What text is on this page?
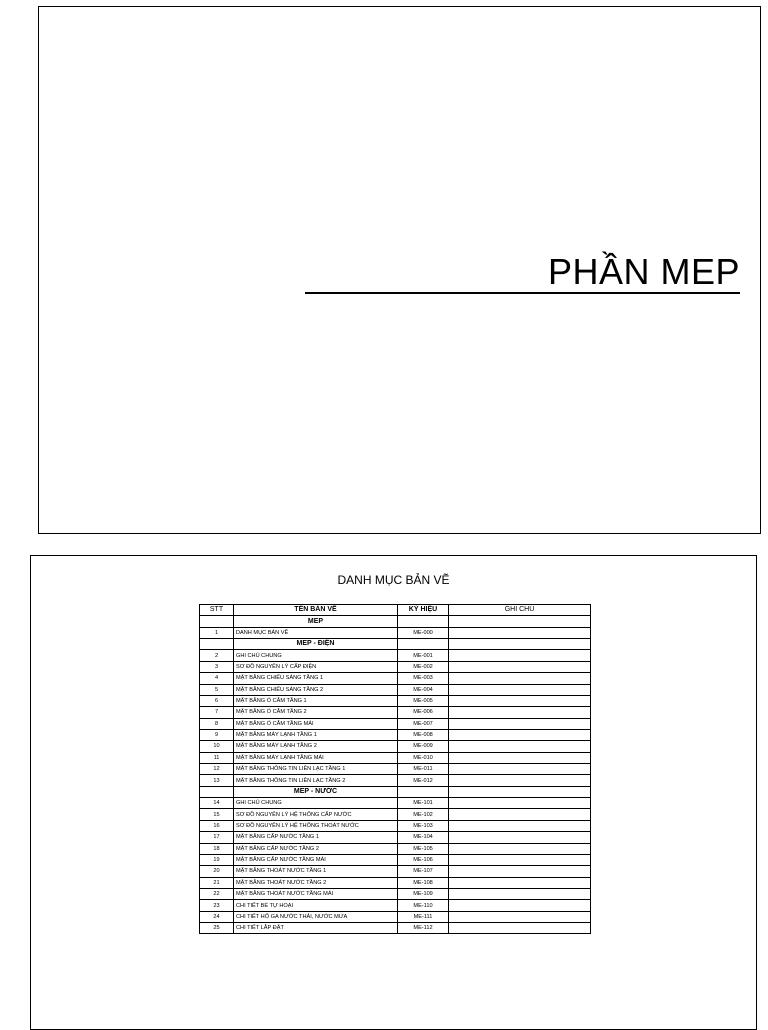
PHẦN MEP
DANH MỤC BẢN VẼ
STT	TÊN BẢN VẼ	KÝ HIỆU	GHI CHÚ
	MEP		
1	DANH MỤC BẢN VẼ	ME-000	
	MEP - ĐIỆN		
2	GHI CHÚ CHUNG	ME-001	
3	SƠ ĐỒ NGUYÊN LÝ CẤP ĐIỆN	ME-002	
4	MẶT BẰNG CHIẾU SÁNG TẦNG 1	ME-003	
5	MẶT BẰNG CHIẾU SÁNG TẦNG 2	ME-004	
6	MẶT BẰNG Ổ CẮM TẦNG 1	ME-005	
7	MẶT BẰNG Ổ CẮM TẦNG 2	ME-006	
8	MẶT BẰNG Ổ CẮM TẦNG MÁI	ME-007	
9	MẶT BẰNG MÁY LẠNH TẦNG 1	ME-008	
10	MẶT BẰNG MÁY LẠNH TẦNG 2	ME-009	
11	MẶT BẰNG MÁY LẠNH TẦNG MÁI	ME-010	
12	MẶT BẰNG THÔNG TIN LIÊN LẠC TẦNG 1	ME-011	
13	MẶT BẰNG THÔNG TIN LIÊN LẠC TẦNG 2	ME-012	
	MEP - NƯỚC		
14	GHI CHÚ CHUNG	ME-101	
15	SƠ ĐỒ NGUYÊN LÝ HỆ THỐNG CẤP NƯỚC	ME-102	
16	SƠ ĐỒ NGUYÊN LÝ HỆ THỐNG THOÁT NƯỚC	ME-103	
17	MẶT BẰNG CẤP NƯỚC TẦNG 1	ME-104	
18	MẶT BẰNG CẤP NƯỚC TẦNG 2	ME-105	
19	MẶT BẰNG CẤP NƯỚC TẦNG MÁI	ME-106	
20	MẶT BẰNG THOÁT NƯỚC TẦNG 1	ME-107	
21	MẶT BẰNG THOÁT NƯỚC TẦNG 2	ME-108	
22	MẶT BẰNG THOÁT NƯỚC TẦNG MÁI	ME-109	
23	CHI TIẾT BỂ TỰ HOẠI	ME-110	
24	CHI TIẾT HỐ GA NƯỚC THẢI, NƯỚC MƯA	ME-111	
25	CHI TIẾT LẮP ĐẶT	ME-112	
